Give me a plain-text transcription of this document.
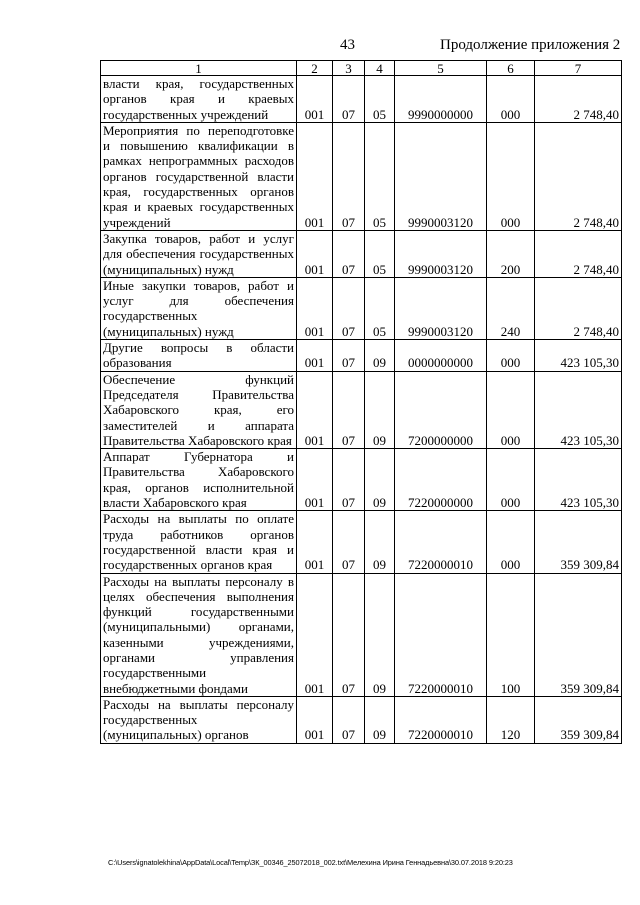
43	Продолжение приложения 2
1	2	3	4	5	6	7
власти края, государственных органов края и краевых государственных учреждений	001	07	05	9990000000	000	2 748,40
Мероприятия по переподготовке и повышению квалификации в рамках непрограммных расходов органов государственной власти края, государственных органов края и краевых государственных учреждений	001	07	05	9990003120	000	2 748,40
Закупка товаров, работ и услуг для обеспечения государственных (муниципальных) нужд	001	07	05	9990003120	200	2 748,40
Иные закупки товаров, работ и услуг для обеспечения государственных (муниципальных) нужд	001	07	05	9990003120	240	2 748,40
Другие вопросы в области образования	001	07	09	0000000000	000	423 105,30
Обеспечение функций Председателя Правительства Хабаровского края, его заместителей и аппарата Правительства Хабаровского края	001	07	09	7200000000	000	423 105,30
Аппарат Губернатора и Правительства Хабаровского края, органов исполнительной власти Хабаровского края	001	07	09	7220000000	000	423 105,30
Расходы на выплаты по оплате труда работников органов государственной власти края и государственных органов края	001	07	09	7220000010	000	359 309,84
Расходы на выплаты персоналу в целях обеспечения выполнения функций государственными (муниципальными) органами, казенными учреждениями, органами управления государственными внебюджетными фондами	001	07	09	7220000010	100	359 309,84
Расходы на выплаты персоналу государственных (муниципальных) органов	001	07	09	7220000010	120	359 309,84
C:\Users\ignatolekhina\AppData\Local\Temp\ЗК_00346_25072018_002.txt\Мелехина Ирина Геннадьевна\30.07.2018 9:20:23
